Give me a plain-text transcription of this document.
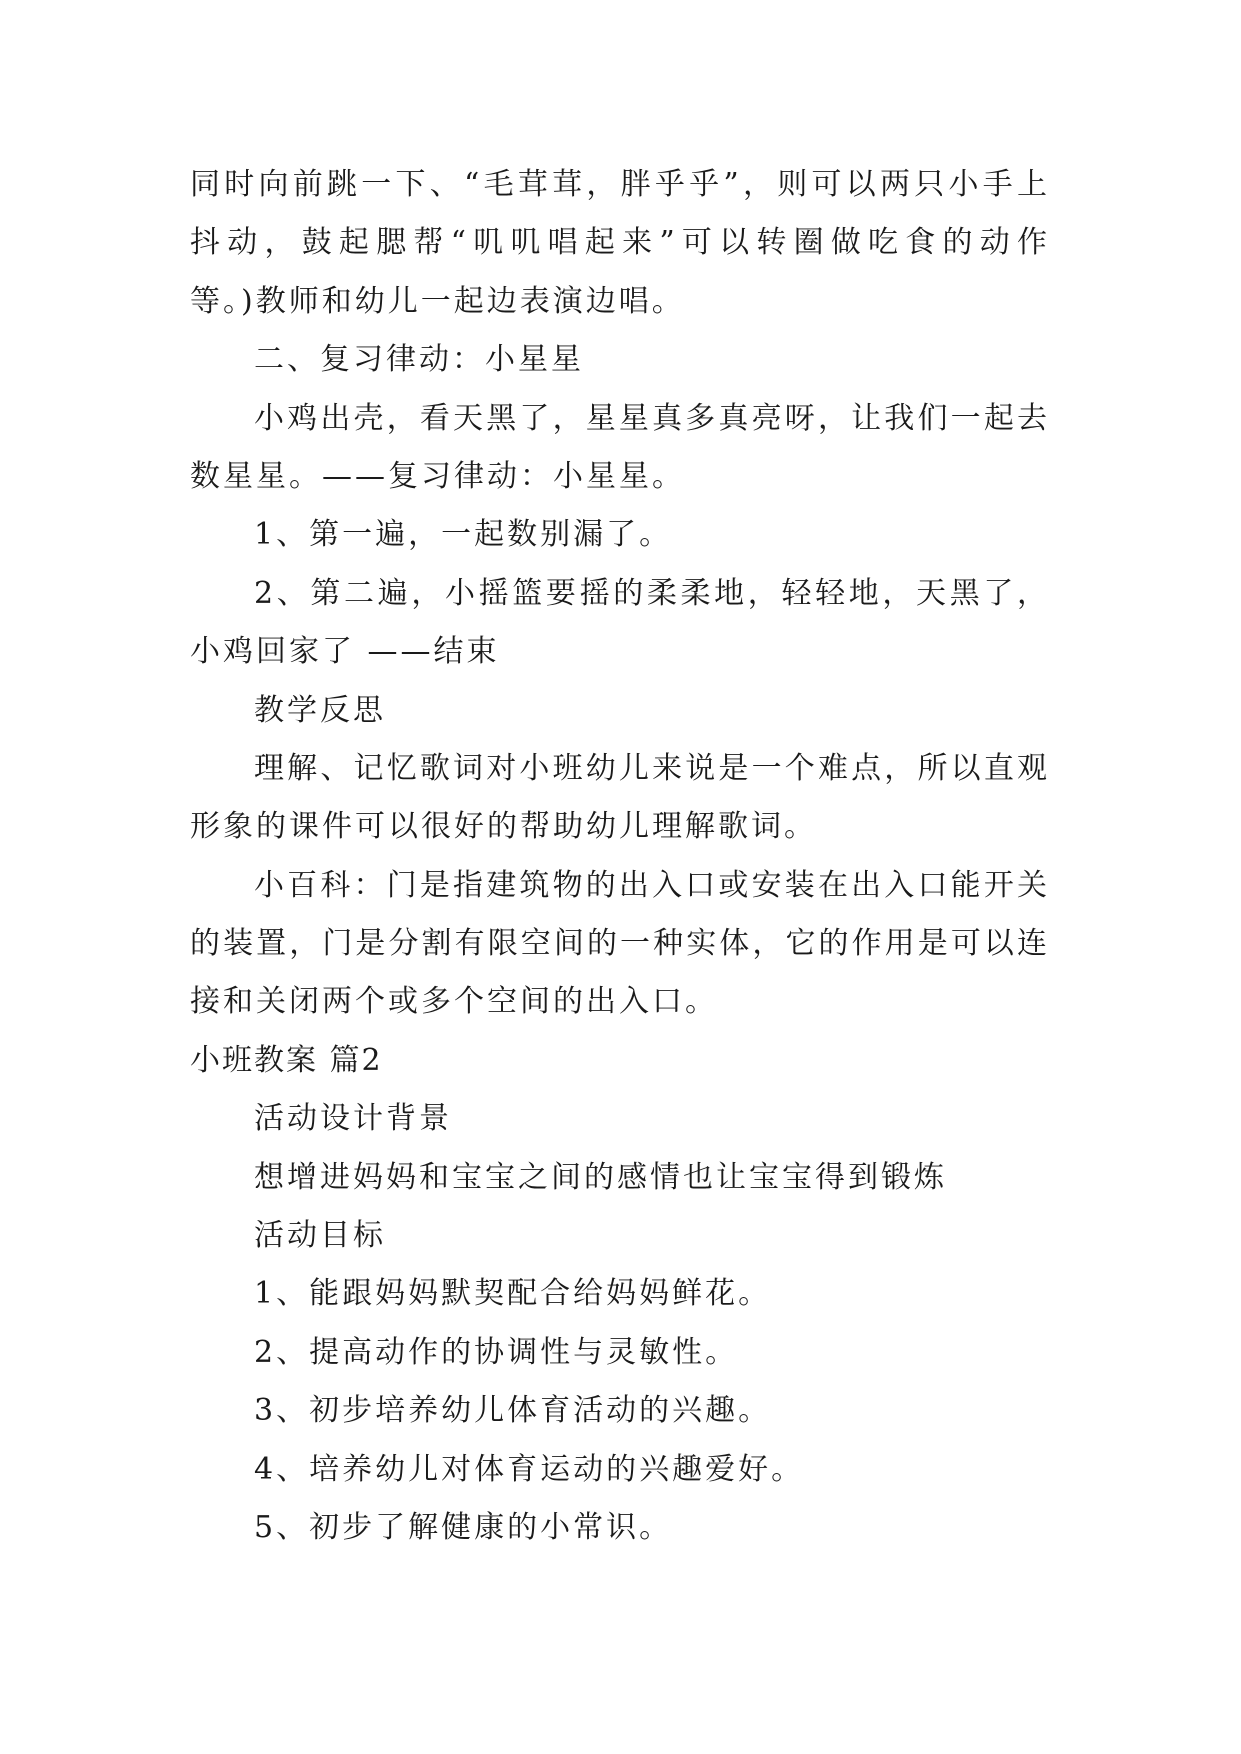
同时向前跳一下、“毛茸茸，胖乎乎”，则可以两只小手上
抖动，鼓起腮帮“叽叽唱起来”可以转圈做吃食的动作
等。)教师和幼儿一起边表演边唱。
二、复习律动：小星星
小鸡出壳，看天黑了，星星真多真亮呀，让我们一起去
数星星。——复习律动：小星星。
1、第一遍，一起数别漏了。
2、第二遍，小摇篮要摇的柔柔地，轻轻地，天黑了，
小鸡回家了 ——结束
教学反思
理解、记忆歌词对小班幼儿来说是一个难点，所以直观
形象的课件可以很好的帮助幼儿理解歌词。
小百科：门是指建筑物的出入口或安装在出入口能开关
的装置，门是分割有限空间的一种实体，它的作用是可以连
接和关闭两个或多个空间的出入口。
小班教案 篇2
活动设计背景
想增进妈妈和宝宝之间的感情也让宝宝得到锻炼
活动目标
1、能跟妈妈默契配合给妈妈鲜花。
2、提高动作的协调性与灵敏性。
3、初步培养幼儿体育活动的兴趣。
4、培养幼儿对体育运动的兴趣爱好。
5、初步了解健康的小常识。
